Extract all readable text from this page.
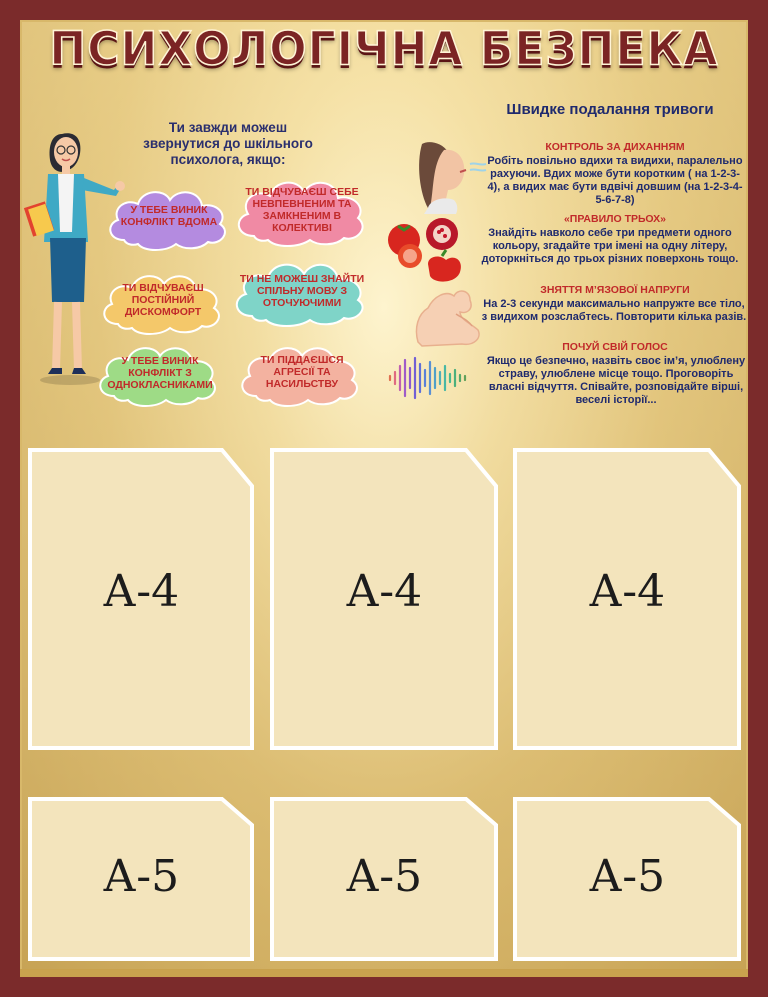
ПСИХОЛОГІЧНА БЕЗПЕКА
Ти завжди можеш звернутися до шкільного психолога, якщо:
У ТЕБЕ ВИНИК КОНФЛІКТ ВДОМА
ТИ ВІДЧУВАЄШ СЕБЕ НЕВПЕВНЕНИМ ТА ЗАМКНЕНИМ В КОЛЕКТИВІ
ТИ ВІДЧУВАЄШ ПОСТІЙНИЙ ДИСКОМФОРТ
ТИ НЕ МОЖЕШ ЗНАЙТИ СПІЛЬНУ МОВУ З ОТОЧУЮЧИМИ
У ТЕБЕ ВИНИК КОНФЛІКТ З ОДНОКЛАСНИКАМИ
ТИ ПІДДАЄШСЯ АГРЕСІЇ ТА НАСИЛЬСТВУ
Швидке подалання тривоги
КОНТРОЛЬ ЗА ДИХАННЯМ
Робіть повільно вдихи та видихи, паралельно рахуючи. Вдих може бути коротким ( на 1-2-3-4), а видих має бути вдвічі довшим (на 1-2-3-4-5-6-7-8)
«ПРАВИЛО ТРЬОХ»
Знайдіть навколо себе три предмети одного кольору, згадайте три імені на одну літеру, доторкніться до трьох різних поверхонь тощо.
ЗНЯТТЯ М’ЯЗОВОЇ НАПРУГИ
На 2-3 секунди максимально напружте все тіло, з видихом розслабтесь. Повторити кілька разів.
ПОЧУЙ СВІЙ ГОЛОС
Якщо це безпечно, назвіть своє ім’я, улюблену страву, улюблене місце тощо. Проговоріть власні відчуття. Співайте, розповідайте вірші, веселі історії...
А-4	А-4	А-4
А-5	А-5	А-5
